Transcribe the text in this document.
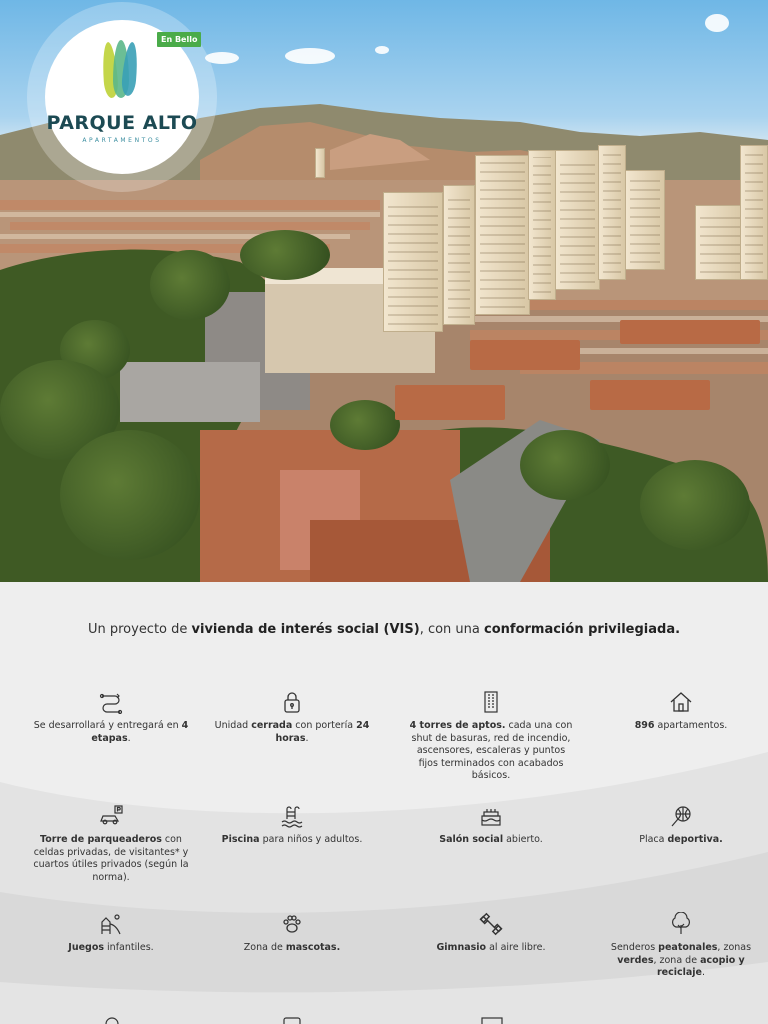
PARQUE ALTO
APARTAMENTOS
En Bello
Un proyecto de vivienda de interés social (VIS), con una conformación privilegiada.
Se desarrollará y entregará en 4 etapas.
Unidad cerrada con portería 24 horas.
4 torres de aptos. cada una con shut de basuras, red de incendio, ascensores, escaleras y puntos fijos terminados con acabados básicos.
896 apartamentos.
Torre de parqueaderos con celdas privadas, de visitantes* y cuartos útiles privados (según la norma).
Piscina para niños y adultos.	Salón social abierto.	Placa deportiva.
Juegos infantiles.	Zona de mascotas.	Gimnasio al aire libre.	Senderos peatonales, zonas verdes, zona de acopio y reciclaje.
